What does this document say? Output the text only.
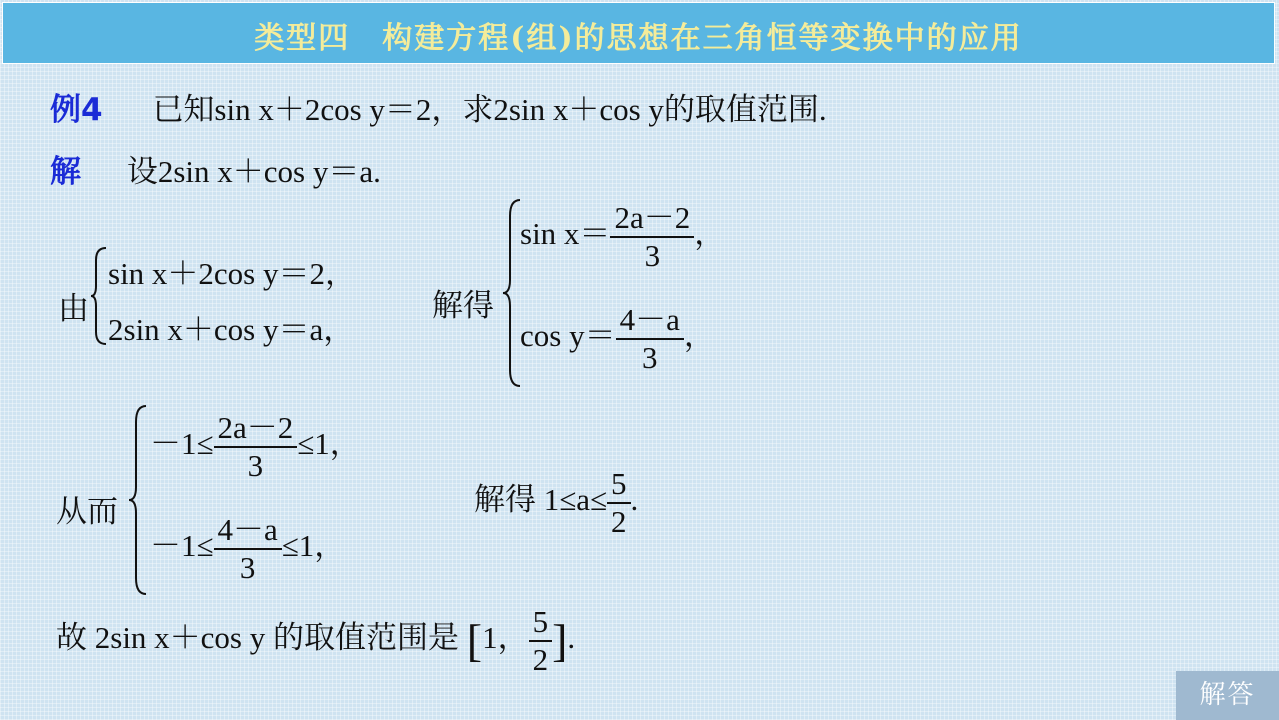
类型四　构建方程(组)的思想在三角恒等变换中的应用
例4 已知sin x＋2cos y＝2，求2sin x＋cos y的取值范围.
解 设2sin x＋cos y＝a.
由
sin x＋2cos y＝2，
2sin x＋cos y＝a，
解得
$\sin x= \frac{2a-2}{3}$ ，
$\cos y= \frac{4-a}{3}$ ，
从而
$-1\le \frac{2a-2}{3} \le 1$，
$-1\le \frac{4-a}{3} \le 1$，
解得 $1\le a\le \frac{5}{2}$ .
故 2sin x＋cos y 的取值范围是 [1， $\frac{5}{2}$ ].
解答
